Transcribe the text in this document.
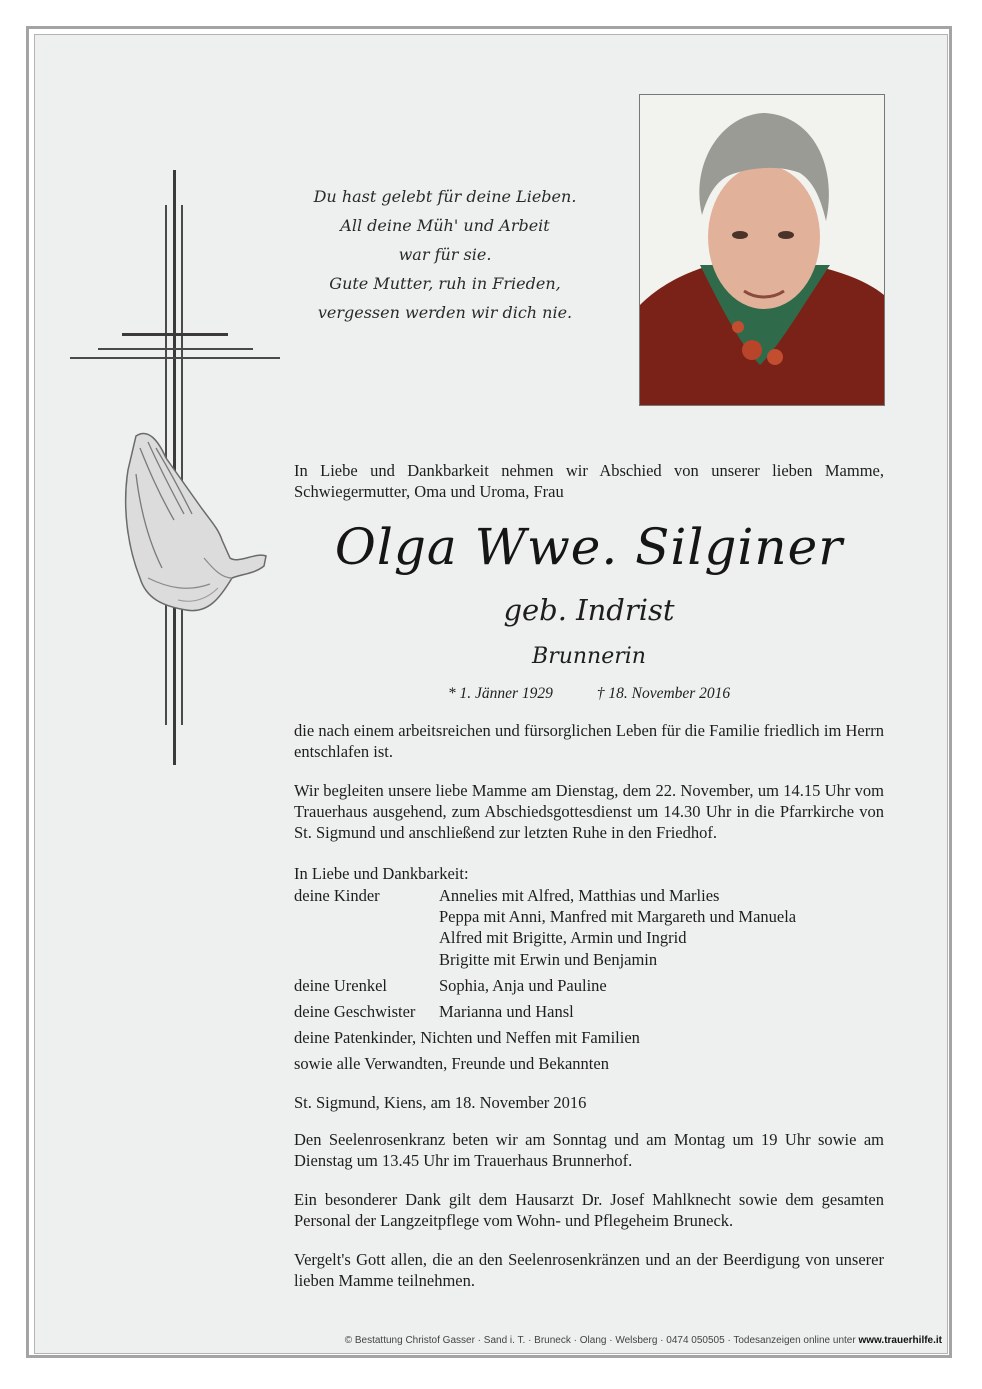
Du hast gelebt für deine Lieben.
All deine Müh' und Arbeit
war für sie.
Gute Mutter, ruh in Frieden,
vergessen werden wir dich nie.
In Liebe und Dankbarkeit nehmen wir Abschied von unserer lieben Mamme, Schwiegermutter, Oma und Uroma, Frau
Olga Wwe. Silginer
geb. Indrist
Brunnerin
* 1. Jänner 1929	† 18. November 2016
die nach einem arbeitsreichen und fürsorglichen Leben für die Familie friedlich im Herrn entschlafen ist.
Wir begleiten unsere liebe Mamme am Dienstag, dem 22. November, um 14.15 Uhr vom Trauerhaus ausgehend, zum Abschiedsgottesdienst um 14.30 Uhr in die Pfarrkirche von St. Sigmund und anschließend zur letzten Ruhe in den Friedhof.
In Liebe und Dankbarkeit:
deine Kinder	Annelies mit Alfred, Matthias und Marlies
Peppa mit Anni, Manfred mit Margareth und Manuela
Alfred mit Brigitte, Armin und Ingrid
Brigitte mit Erwin und Benjamin
deine Urenkel	Sophia, Anja und Pauline
deine Geschwister Marianna und Hansl
deine Patenkinder, Nichten und Neffen mit Familien
sowie alle Verwandten, Freunde und Bekannten
St. Sigmund, Kiens, am 18. November 2016
Den Seelenrosenkranz beten wir am Sonntag und am Montag um 19 Uhr sowie am Dienstag um 13.45 Uhr im Trauerhaus Brunnerhof.
Ein besonderer Dank gilt dem Hausarzt Dr. Josef Mahlknecht sowie dem gesamten Personal der Langzeitpflege vom Wohn- und Pflegeheim Bruneck.
Vergelt's Gott allen, die an den Seelenrosenkränzen und an der Beerdigung von unserer lieben Mamme teilnehmen.
© Bestattung Christof Gasser · Sand i. T. · Bruneck · Olang · Welsberg · 0474 050505 · Todesanzeigen online unter www.trauerhilfe.it
